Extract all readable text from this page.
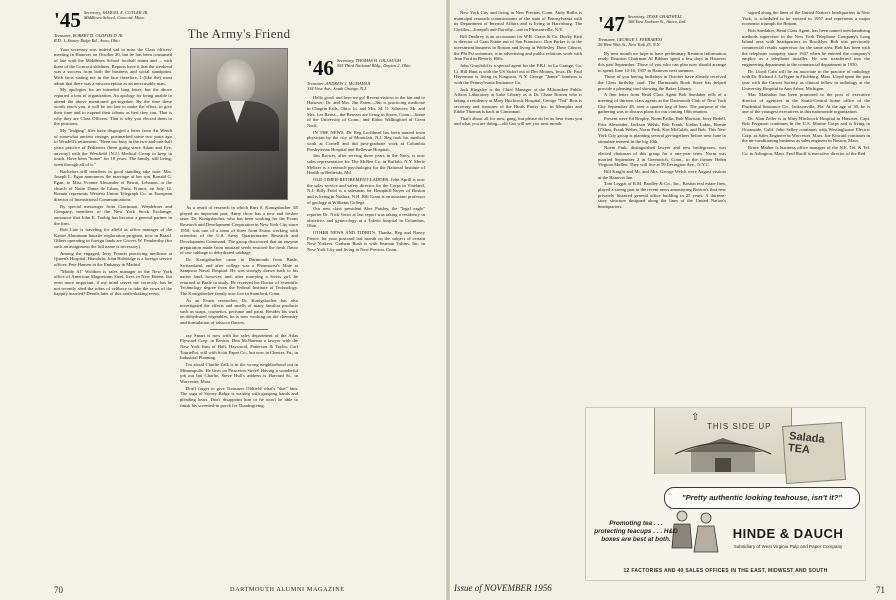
'45 Secretary, SAMUEL E. CUTLER JR.
Middlesex School, Concord, Mass.
Treasurer, ROBERT D. OLDFIELD JR.
R.D. 1, Stoney Ridge Rd., Avon, Ohio

Your secretary was indeed sad to miss the Class officers' meeting in Hanover on October 20, but he has been consumed of late with the Middlesex School football teams and ... with three of the Concord sidelines. Reports have it that the weekend was a success from both the business and social standpoint. With facts stating me in the face therefore, I (like the) most admit that there was a misconception as an inexcusable man.

My apologies for an intended long letter; but the above reported a loss of organization. An apology for being unable to attend the above mentioned get-together. By the time these words reach you, it will be too late to make the effort, to give their time and to expend their talents as best they can. That is why they are Class Officers. That is why you elected them to the positions.

My "lodging" files have disgorged a letter from Art Wendt of somewhat ancient vintage; postmarked some two years ago to Wendell's retirement. "Been too busy in the two-and-one-half years practice of Pediatrics (been going since Adam and Eve, anyway) with the Westfield (N.J.) Medical Group to keep in touch. Have been "home" for 18 years. The family, still living, went through all of it."

Bachelors still members in good standing take note. Mrs. Joseph L. Egan announces the marriage of her son, Ronald G. Egan, to Miss Yvonne Alexander of Beirut, Lebanon, at the church of Notre Dame de Liban, Paris, France, on July 12. Ronnie represents Western Union Telegraph Co. as European director of International Communications.

By special messenger from Cincinnati, Wendelmer and Company, members of the New York Stock Exchange, announce that John E. Toohig has become a general partner in the firm.

Bob Cate is traveling for afield as office manager of the Kaiser Aluminum bauxite exploration program, now in Brazil. Others operating in foreign lands are Groves W. Pemberthy (for such an assignment the full name is necessary).

Among the engaged, Jerry Francis practicing medicine at Queen's Hospital, Honolulu; John Holdridge is a foreign service officer; Pete Hansen at the Embassy in Madrid.

"Moldy Al" Wolthon is sales manager in the New York office of American Magnesium Steel, lives in New Haven, but even more important, if my mind serves me correctly, has he not recently shed the robes of celibacy to take the vows of the happily married? Details later of this earth-shaking event.

The Army's Friend

As a result of research in which Kurt S. Konigsbacher '45 played an important part, Army chow has a new and fresher taste. Dr. Konigsbacher, who has been working for the Evans Research and Development Corporation in New York City since 1950, was one of a team of three from Evans working with scientists of the U.S. Army Quartermaster Research and Development Command. The group discovered that an enzyme preparation made from mustard seeds restored the fresh flavor of raw cabbage to dehydrated cabbage.

Dr. Konigsbacher came to Dartmouth from Basle, Switzerland, and after college was a Pharmacist's Mate at Sampson Naval Hospital. He was strongly drawn back to his native land, however, and, after marrying a Swiss girl, he returned to Basle to study. He received his Doctor of Scientific Technology degree from the Federal Institute of Technology. The Konigsbacher family now live in Stamford, Conn.

As an Evans researcher, Dr. Konigsbacher has also investigated the effects and smells of many familiar products such as soaps, cosmetics, perfume and paint. Besides his work on dehydrated vegetables, he is now working on the chemistry and formulation of tobacco flavors.

ray Smart is now with the sales department of the Atlas Plywood Corp. in Boston. Don McNamara a lawyer with the New York firm of Hall, Haywood, Patterson & Taylor. Carl Tourtellot, still with Scott Paper Co., but now in Chester, Pa., in Industrial Planning.

I'm afraid Charlie Zalk is in the wrong neighborhood out in Minneapolis. He lives on Princeton Street! Having a wonderful job out but Charlie, Steve Hull's address is Harvard St., in Worcester, Mass.

Don't forget to give Treasurer Oldfield what's "due" him. The saga of Stoney Ridge is waiting with grasping hands and pleading heart. Don't disappoint him or he won't be able to finish his screened-in porch for Thanksgiving.

'46 Secretary, THOMAS H. GILLAUGH
505 Third National Bldg., Dayton 2, Ohio
Treasurer, ANDREW J. MCMAHAN
334 Vose Ave., South Orange, N.J.

Hello good, and here we go! Recent visitors to the fan and to Hanover: Dr. and Mrs. Jim Esten—Jim is practicing medicine in Chagrin Falls, Ohio; Lt. and Mrs. M. O. Schecter; Mr. and Mrs. Les Berez—the Berezes are living in Storrs, Conn.—home of the University of Conn.; and Eldon Wallingford of Great Neck.

IN THE NEWS. Dr. Reg Lochhead has been named town physician by the city of Montclair, N.J. Reg took his medical work at Cornell and did post-graduate work at Columbia Presbyterian Hospital and Bellevue Hospital.

Jim Brower, after serving three years in the Navy, is now sales representative for The McBee Co. in Buffalo, N.Y. Merle Meltzer is a research psychologist for the National Institute of Health in Bethesda, Md.

OLD TIMER-RETIREMENT LADDER. John Aprill is now the sales service and safety director for the Corps in Vineland, N.J. Billy Field is a salesman for Hemphill-Noyes of Boston and is living in Nashua, N.H. Bill Grant is an assistant professor of geology at Williams College.

Our new class president Alex Paisley, the "legal eagle" reporter Dr. Nick Voros at last report was taking a residency in obstetrics and gynecology at a Toledo hospital in Columbus, Ohio.

OTHER NEWS AND TIDBITS: Thanks, Reg and Nancy Pierce, for your postcard last month on the subject of certain New Yorkers. Graham Rush is with Seaman Tubins, Inc. in New York City and living in New Preston, Conn.

70	DARTMOUTH ALUMNI MAGAZINE

New York City and living in New Preston, Conn. Andy Bullis is municipal research commissioner of the state of Pennsylvania with its Department of Internal Affairs and is living in Harrisburg. The Cecillos—Josepith and Dorothy—are in Pleasantville, N.Y.

Bill Dealtrey is an accountant for W.R. Grace & Co. Ducky Kirk is director of Gran Estate out of San Francisco. Don Parker is in the investment business in Boston and living in Wellesley. Dave Gibson, the Phi Psi swimmer, is in advertising and public relations work with Jean Ford in Beverly Hills.

John Grayfield is a special agent for the F.B.I. in La Grange, Ga. Lt. Bill Hunt is with the US Sickel out of Des Moines, Iowa. Dr. Paul Heyerman is living in Kingston, N.Y. George "Jamie" Jamison is with the Pennsylvania Insurance Co.

Jack Kingsley is the Chief Manager at the Milwaukee Public Affairs Laboratory at Lake Library as is Dr. Chase Bowen who is taking a residency at Mary Hitchcock Hospital. George "Ted" Reis is secretary and treasurer of the Hinds Pastry Inc. in Memphis and Eddie Thomas is back in Cincinnati.

That's about all for now, gang, but please do let us hear from you and what you are doing—old Gus will see you next month.

'47 Secretary, JESSE CHADWELL
308 East Jackson St., Attica, Ind.
Treasurer, GEORGE J. FERRARESI
26 West 90th St., New York 25, N.Y.

By next month we hope to have preliminary Reunion information ready. Reunion Chairman Al Bildner spent a few days in Hanover this past September. Those of you who can plan now should arrange to spend June 14-16, 1957 in Hanover next summer.

Those of you having birthdays in October have already received the Class birthday card. The Dartmouth Book Store has helped provide a pleasing card showing the Baker Library.

A fine letter from Head Class Agent Bob Snedaker tells of a meeting of thirteen class agents at the Dartmouth Club of New York City September 28, over a quarter keg of beer. The purpose of the gathering was to discuss plans for our coming 10th reunion.

Present were Ed Brophy, Norm Fallin, Bob Morison, Jerry Bedell, Fritz Alexander, Jackson Welsh, Bob Frank, Jordan Lakin, Bernie O'Shea, Frank Weber, Norm Fink, Kirt McCaleb, and Bob. This New York City group is planning several get-togethers before next June to stimulate interest in the big 10th.

Noem Fink, distinguished lawyer and new bridegroom, was elected chairman of this group for a one-year term. Norm was married September 2 in Greenwich, Conn., to the former Helen Virginia Mullen. They will live at 59 Lexington Ave., N.Y.C.

Bill Knight and Mr. and Mrs. George Welch were August visitors at the Hanover Inn.

Tom Leggat of R.M. Bradley & Co., Inc., Boston real estate firm, played a strong part in the recent news announcing Boston's first new privately financed general office building in 25 years. A thirteen-story structure designed along the lines of the United Nation's headquarters.

signed along the lines of the United Nation's headquarters in New York, is scheduled to be erected in 1957 and represents a major economic triumph for Boston.

Bob Snedaker, Head Class Agent, has been named merchandising methods supervisor in the New York Telephone Company's Long Island area with headquarters in Brooklyn. Bob was previously commercial results supervisor for the same area. Bob has been with the telephone company since 1947 when he entered the company's employ as a telephone installer. He was transferred into the engineering department to the commercial department in 1950.

Dr. Lloyd Cain will be an associate in the practice of radiology with Dr. Richard J. LaVigne in Fitchburg, Mass. Lloyd spent the past year with the Cancer Society as clinical fellow in radiology at the University Hospital in Ann Arbor, Michigan.

Mac Mathalon has been promoted to the post of executive director of agencies in the South-Central home office of the Prudential Insurance Co., Jacksonville, Fla. At the age of 30, he is one of the youngest executives in this nationwide organization.

Dr. Alan Zeller is at Mary Hitchcock Hospital in Hanover. Capt. Bob Ferguson continues in the U.S. Marine Corps and is living in Oceanside, Calif. John Selley continues with Westinghouse Electric Corp. as Sales Engineer in Worcester, Mass. Joe Kincaid continues in the air-conditioning business as sales engineer in Boston, Mass.

Bruce Mather is business office manager of the N.E. Tel. & Tel. Co. in Arlington, Mass. Fred Ruoff is executive director of the Red

Issue of NOVEMBER 1956	71
⇧
THIS SIDE UP
Salada TEA
"Pretty authentic looking teahouse, isn't it?"
Promoting tea . . .
protecting teacups . . . H&D
boxes are best at both.	HINDE & DAUCH
Subsidiary of West Virginia Pulp and Paper Company
12 FACTORIES AND 40 SALES OFFICES IN THE EAST, MIDWEST AND SOUTH
